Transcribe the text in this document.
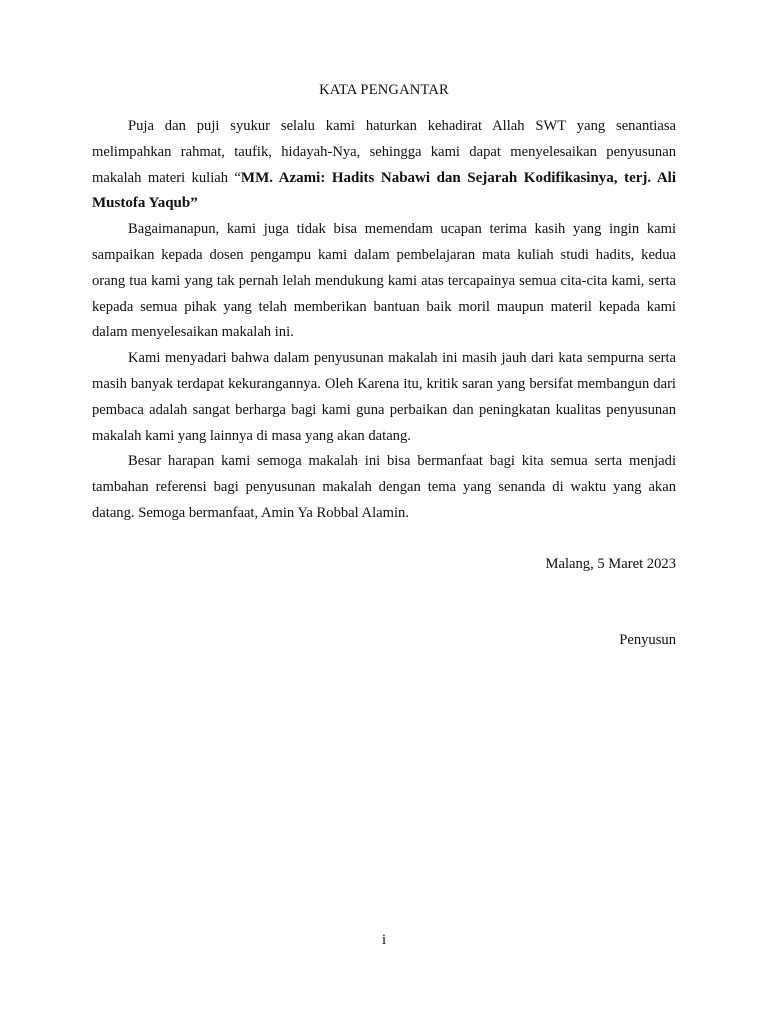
KATA PENGANTAR

Puja dan puji syukur selalu kami haturkan kehadirat Allah SWT yang senantiasa melimpahkan rahmat, taufik, hidayah-Nya, sehingga kami dapat menyelesaikan penyusunan makalah materi kuliah “MM. Azami: Hadits Nabawi dan Sejarah Kodifikasinya, terj. Ali Mustofa Yaqub”

Bagaimanapun, kami juga tidak bisa memendam ucapan terima kasih yang ingin kami sampaikan kepada dosen pengampu kami dalam pembelajaran mata kuliah studi hadits, kedua orang tua kami yang tak pernah lelah mendukung kami atas tercapainya semua cita-cita kami, serta kepada semua pihak yang telah memberikan bantuan baik moril maupun materil kepada kami dalam menyelesaikan makalah ini.

Kami menyadari bahwa dalam penyusunan makalah ini masih jauh dari kata sempurna serta masih banyak terdapat kekurangannya. Oleh Karena itu, kritik saran yang bersifat membangun dari pembaca adalah sangat berharga bagi kami guna perbaikan dan peningkatan kualitas penyusunan makalah kami yang lainnya di masa yang akan datang.

Besar harapan kami semoga makalah ini bisa bermanfaat bagi kita semua serta menjadi tambahan referensi bagi penyusunan makalah dengan tema yang senanda di waktu yang akan datang. Semoga bermanfaat, Amin Ya Robbal Alamin.

Malang, 5 Maret 2023
Penyusun
i
